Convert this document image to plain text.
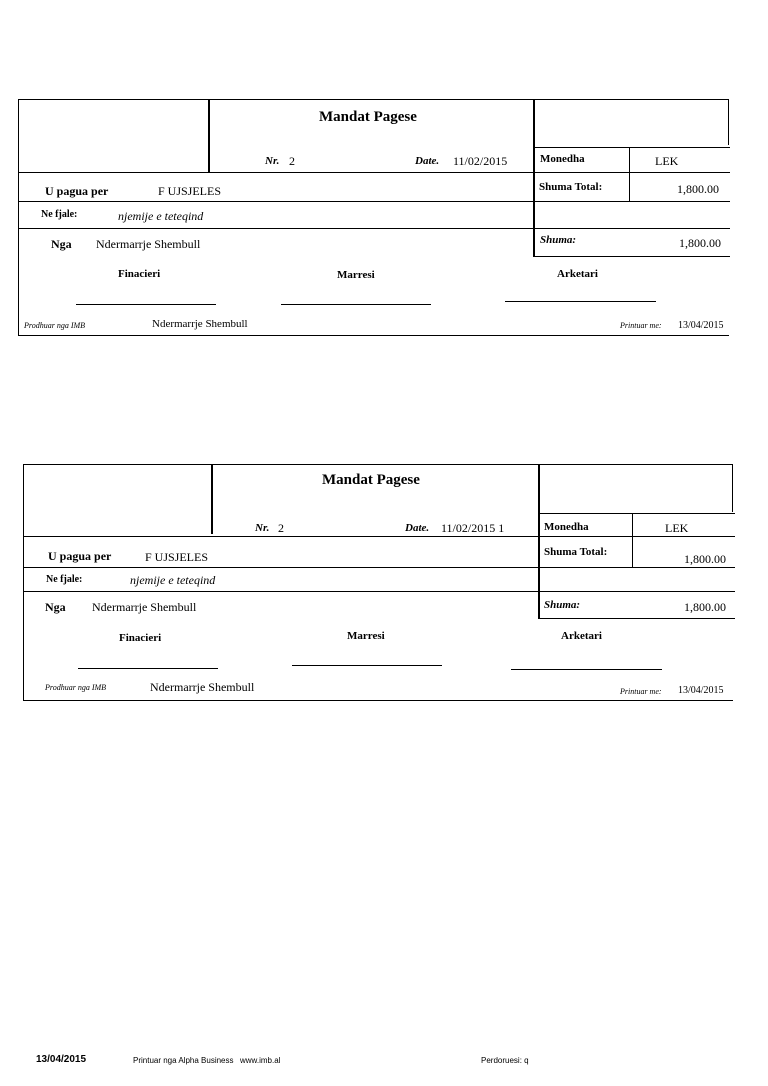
Mandat Pagese
Nr. 2	Date. 11/02/2015	Monedha	LEK
U pagua per	F UJSJELES	Shuma Total:	1,800.00
Ne fjale:	njemije e teteqind
Nga Ndermarrje Shembull	Shuma:	1,800.00
Finacieri	Marresi	Arketari
Prodhuar nga IMB	Ndermarrje Shembull	Printuar me: 13/04/2015
Mandat Pagese
Nr. 2	Date. 11/02/2015 1	Monedha	LEK
U pagua per	F UJSJELES	Shuma Total:	1,800.00
Ne fjale:	njemije e teteqind
Nga Ndermarrje Shembull	Shuma:	1,800.00
Finacieri	Marresi	Arketari
Prodhuar nga IMB	Ndermarrje Shembull	Printuar me: 13/04/2015
13/04/2015	Printuar nga Alpha Business www.imb.al	Perdoruesi: q
